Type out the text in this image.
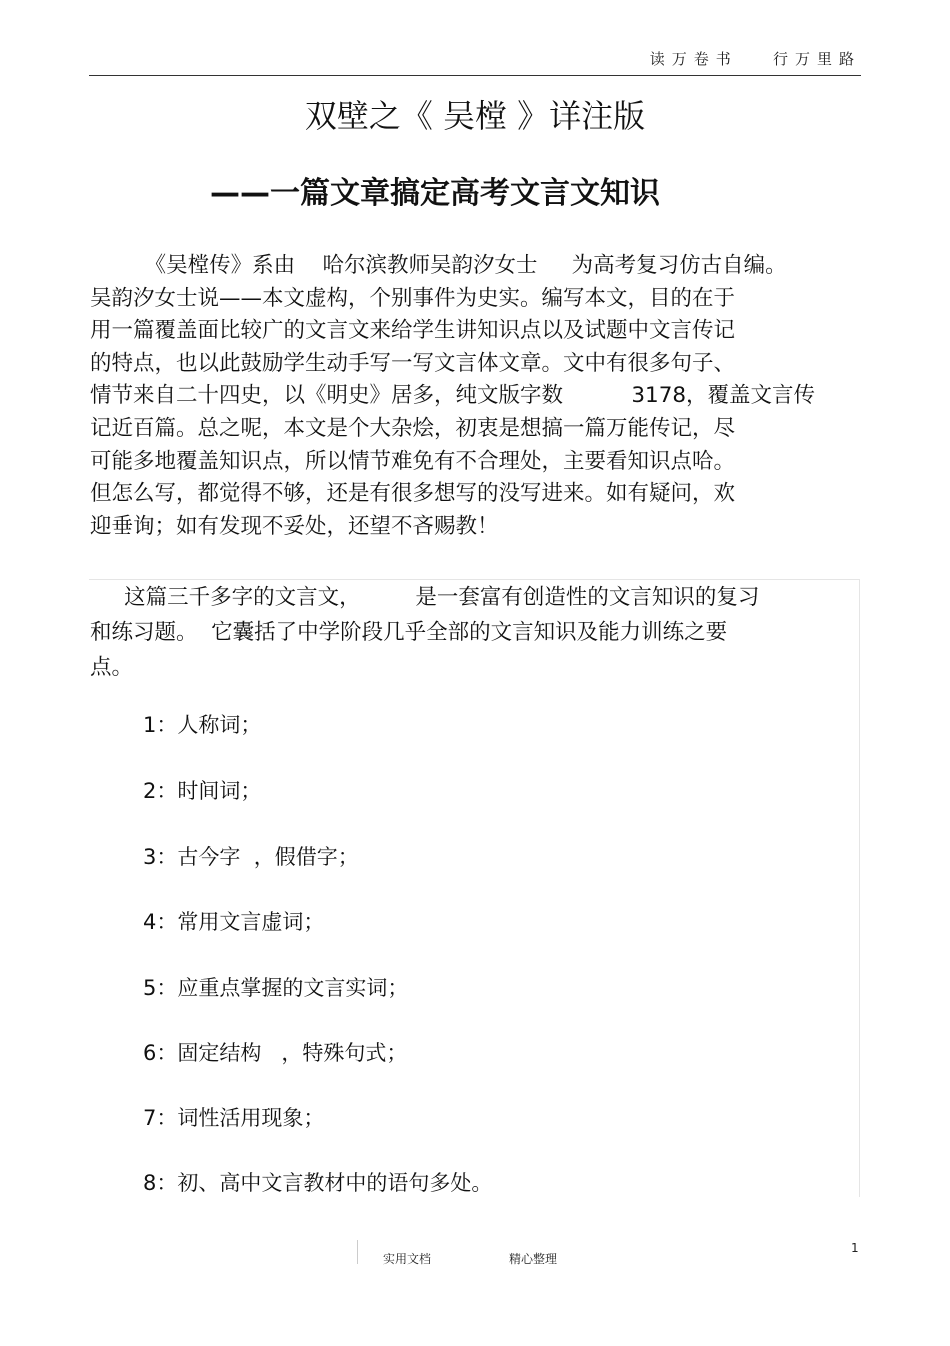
读万卷书   行万里路
双壁之《 吴樘 》详注版
——一篇文章搞定高考文言文知识
《吴樘传》系由    哈尔滨教师吴韵汐女士     为高考复习仿古自编。
吴韵汐女士说——本文虚构，个别事件为史实。编写本文，目的在于
用一篇覆盖面比较广的文言文来给学生讲知识点以及试题中文言传记
的特点，也以此鼓励学生动手写一写文言体文章。文中有很多句子、
情节来自二十四史，以《明史》居多，纯文版字数          3178，覆盖文言传
记近百篇。总之呢，本文是个大杂烩，初衷是想搞一篇万能传记，尽
可能多地覆盖知识点，所以情节难免有不合理处，主要看知识点哈。
但怎么写，都觉得不够，还是有很多想写的没写进来。如有疑问，欢
迎垂询；如有发现不妥处，还望不吝赐教！
这篇三千多字的文言文，        是一套富有创造性的文言知识的复习
和练习题。  它囊括了中学阶段几乎全部的文言知识及能力训练之要
点。
1：人称词；
2：时间词；
3：古今字  ，假借字；
4：常用文言虚词；
5：应重点掌握的文言实词；
6：固定结构   ，特殊句式；
7：词性活用现象；
8：初、高中文言教材中的语句多处。
实用文档	精心整理
1
